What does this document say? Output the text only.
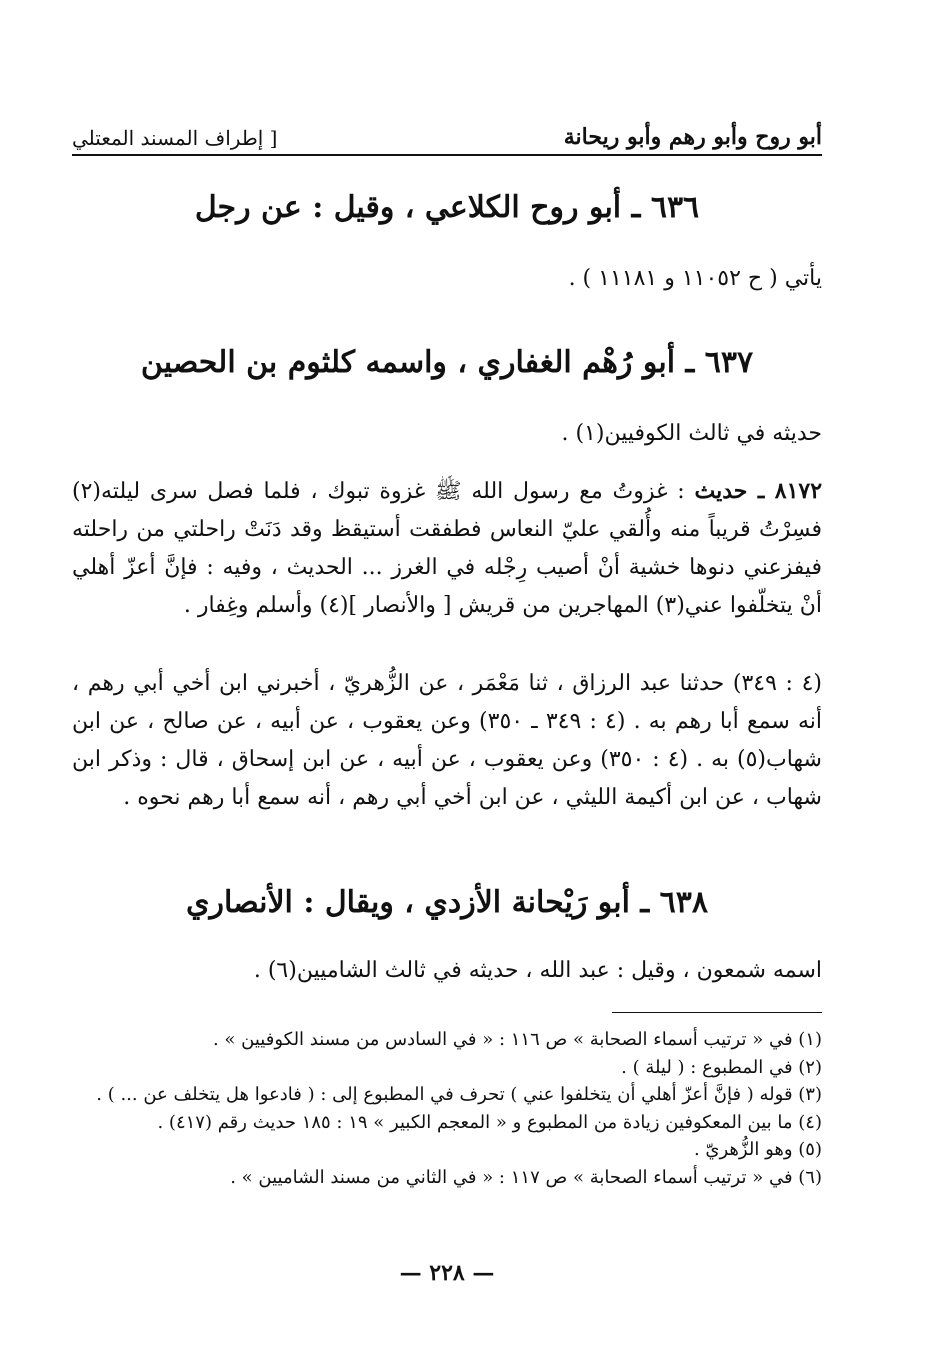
أبو روح وأبو رهم وأبو ريحانة
[ إطراف المسند المعتلي
٦٣٦ ـ أبو روح الكلاعي ، وقيل : عن رجل
يأتي ( ح ١١٠٥٢ و ١١١٨١ ) .
٦٣٧ ـ أبو رُهْم الغفاري ، واسمه كلثوم بن الحصين
حديثه في ثالث الكوفيين(١) .
٨١٧٢ ـ حديث : غزوتُ مع رسول الله ﷺ غزوة تبوك ، فلما فصل سرى ليلته(٢) فسِرْتُ قريباً منه وأُلقي عليّ النعاس فطفقت أستيقظ وقد دَنَتْ راحلتي من راحلته فيفزعني دنوها خشية أنْ أصيب رِجْله في الغرز ... الحديث ، وفيه : فإنَّ أعزّ أهلي أنْ يتخلّفوا عني(٣) المهاجرين من قريش [ والأنصار ](٤) وأسلم وغِفار .
(٤ : ٣٤٩) حدثنا عبد الرزاق ، ثنا مَعْمَر ، عن الزُّهريّ ، أخبرني ابن أخي أبي رهم ، أنه سمع أبا رهم به . (٤ : ٣٤٩ ـ ٣٥٠) وعن يعقوب ، عن أبيه ، عن صالح ، عن ابن شهاب(٥) به . (٤ : ٣٥٠) وعن يعقوب ، عن أبيه ، عن ابن إسحاق ، قال : وذكر ابن شهاب ، عن ابن أكيمة الليثي ، عن ابن أخي أبي رهم ، أنه سمع أبا رهم نحوه .
٦٣٨ ـ أبو رَيْحانة الأزدي ، ويقال : الأنصاري
اسمه شمعون ، وقيل : عبد الله ، حديثه في ثالث الشاميين(٦) .
(١) في « ترتيب أسماء الصحابة » ص ١١٦ : « في السادس من مسند الكوفيين » .
(٢) في المطبوع : ( ليلة ) .
(٣) قوله ( فإنَّ أعزّ أهلي أن يتخلفوا عني ) تحرف في المطبوع إلى : ( فادعوا هل يتخلف عن ... ) .
(٤) ما بين المعكوفين زيادة من المطبوع و « المعجم الكبير » ١٩ : ١٨٥ حديث رقم (٤١٧) .
(٥) وهو الزُّهريّ .
(٦) في « ترتيب أسماء الصحابة » ص ١١٧ : « في الثاني من مسند الشاميين » .
— ٢٢٨ —
